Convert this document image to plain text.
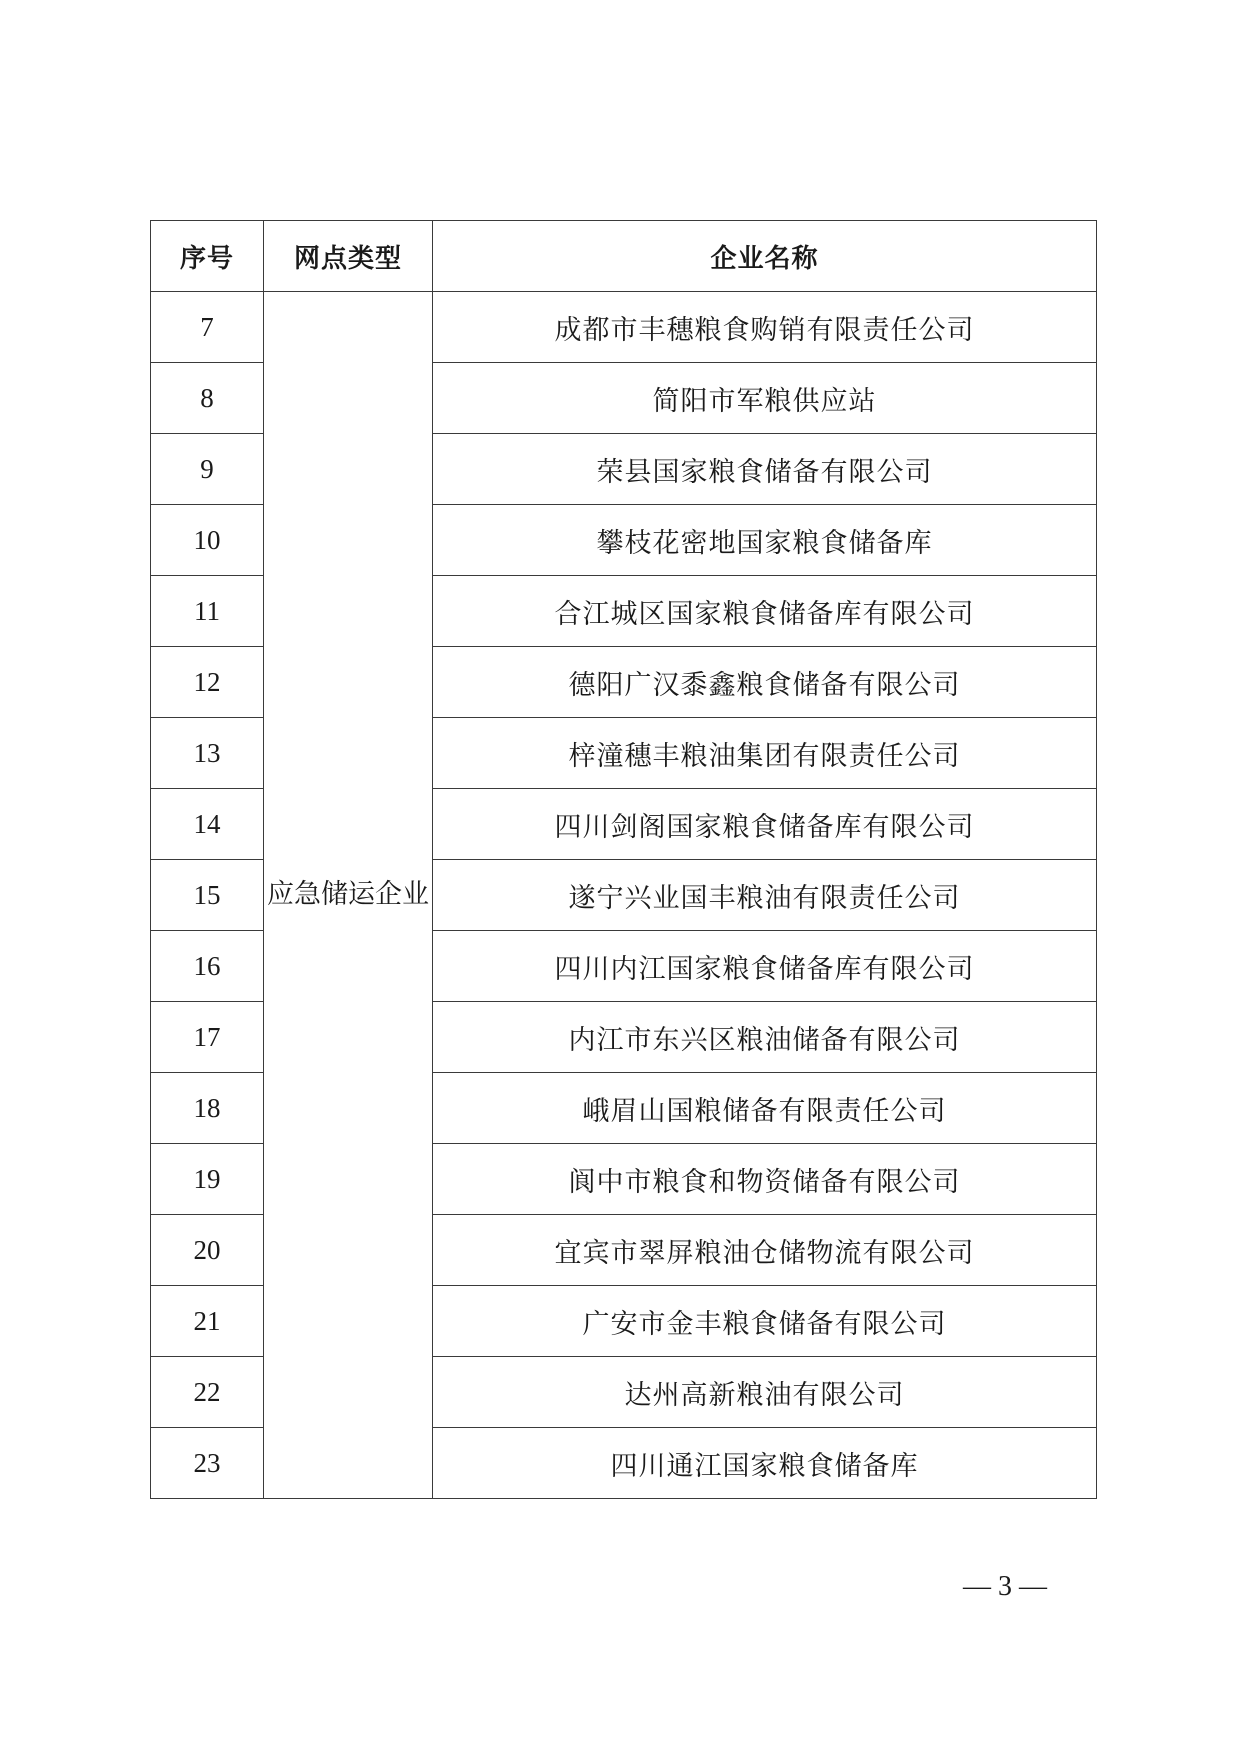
序号	网点类型	企业名称
7	应急储运企业	成都市丰穗粮食购销有限责任公司
8		简阳市军粮供应站
9		荣县国家粮食储备有限公司
10		攀枝花密地国家粮食储备库
11		合江城区国家粮食储备库有限公司
12		德阳广汉黍鑫粮食储备有限公司
13		梓潼穗丰粮油集团有限责任公司
14		四川剑阁国家粮食储备库有限公司
15		遂宁兴业国丰粮油有限责任公司
16		四川内江国家粮食储备库有限公司
17		内江市东兴区粮油储备有限公司
18		峨眉山国粮储备有限责任公司
19		阆中市粮食和物资储备有限公司
20		宜宾市翠屏粮油仓储物流有限公司
21		广安市金丰粮食储备有限公司
22		达州高新粮油有限公司
23		四川通江国家粮食储备库
— 3 —
